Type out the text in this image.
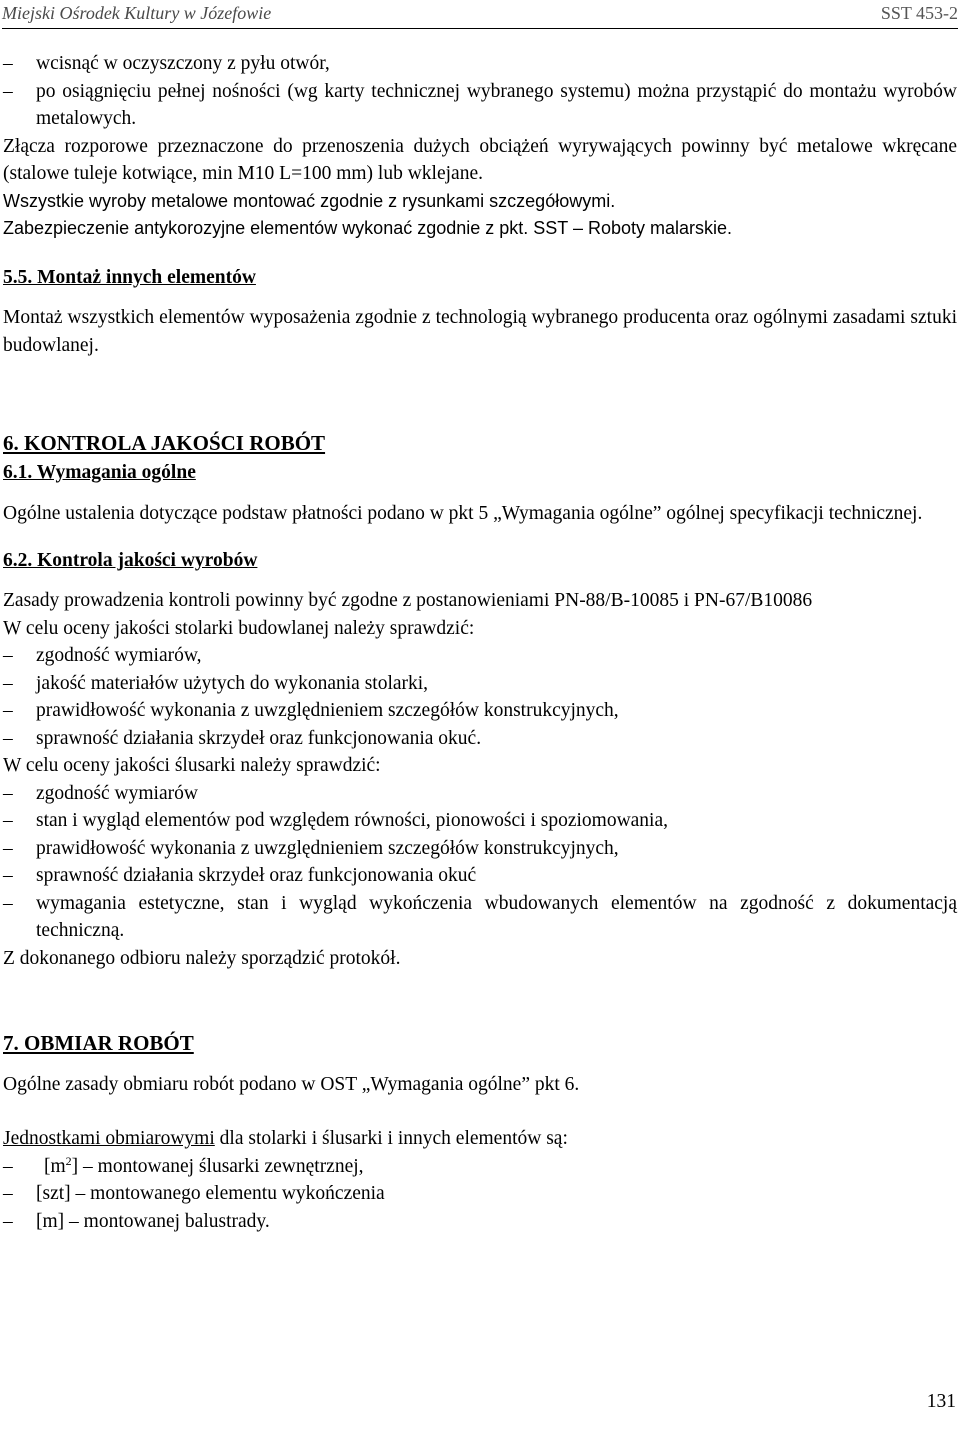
Miejski Ośrodek Kultury w Józefowie	SST 453-2
– wcisnąć w oczyszczony z pyłu otwór,
– po osiągnięciu pełnej nośności (wg karty technicznej wybranego systemu) można przystąpić do montażu wyrobów metalowych.

Złącza rozporowe przeznaczone do przenoszenia dużych obciążeń wyrywających powinny być metalowe wkręcane (stalowe tuleje kotwiące, min M10 L=100 mm) lub wklejane.

Wszystkie wyroby metalowe montować zgodnie z rysunkami szczegółowymi.

Zabezpieczenie antykorozyjne elementów wykonać zgodnie z pkt. SST – Roboty malarskie.

5.5. Montaż innych elementów

Montaż wszystkich elementów wyposażenia zgodnie z technologią wybranego producenta oraz ogólnymi zasadami sztuki budowlanej.

6. KONTROLA JAKOŚCI ROBÓT

6.1. Wymagania ogólne

Ogólne ustalenia dotyczące podstaw płatności podano w pkt 5 „Wymagania ogólne” ogólnej specyfikacji technicznej.

6.2. Kontrola jakości wyrobów

Zasady prowadzenia kontroli powinny być zgodne z postanowieniami PN-88/B-10085 i PN-67/B10086

W celu oceny jakości stolarki budowlanej należy sprawdzić:

– zgodność wymiarów,
– jakość materiałów użytych do wykonania stolarki,
– prawidłowość wykonania z uwzględnieniem szczegółów konstrukcyjnych,
– sprawność działania skrzydeł oraz funkcjonowania okuć.

W celu oceny jakości ślusarki należy sprawdzić:

– zgodność wymiarów
– stan i wygląd elementów pod względem równości, pionowości i spoziomowania,
– prawidłowość wykonania z uwzględnieniem szczegółów konstrukcyjnych,
– sprawność działania skrzydeł oraz funkcjonowania okuć
– wymagania estetyczne, stan i wygląd wykończenia wbudowanych elementów na zgodność z dokumentacją techniczną.

Z dokonanego odbioru należy sporządzić protokół.

7. OBMIAR ROBÓT

Ogólne zasady obmiaru robót podano w OST „Wymagania ogólne” pkt 6.

Jednostkami obmiarowymi dla stolarki i ślusarki i innych elementów są:

– $[m^2]$ – montowanej ślusarki zewnętrznej,
– [szt] – montowanego elementu wykończenia
– [m] – montowanej balustrady.
131
